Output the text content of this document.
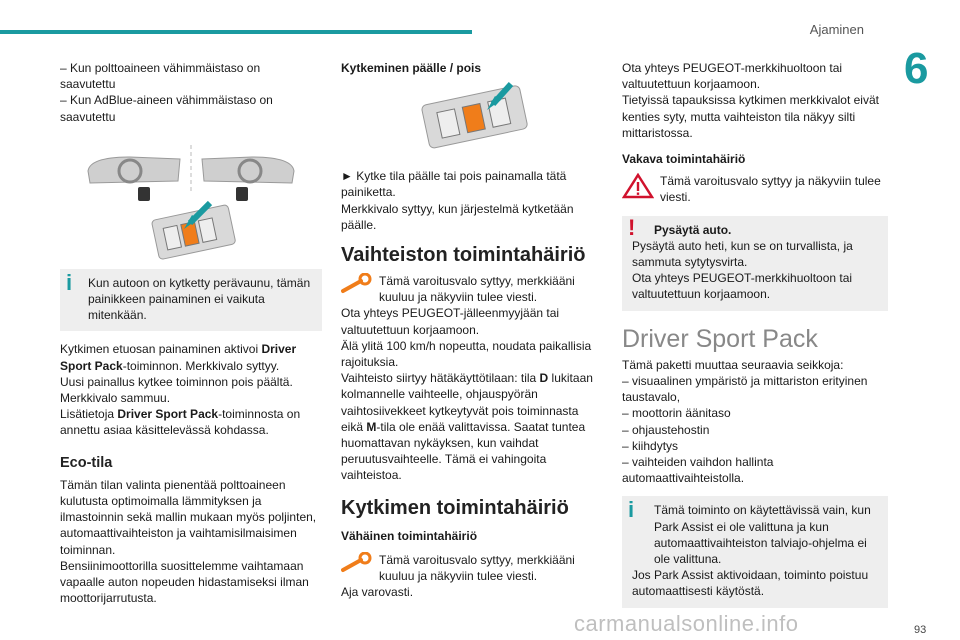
Ajaminen
6

– Kun polttoaineen vähimmäistaso on

saavutettu

– Kun AdBlue-aineen vähimmäistaso on

saavutettu

i Kun autoon on kytketty perävaunu, tämän painikkeen painaminen ei vaikuta mitenkään.

Kytkimen etuosan painaminen aktivoi Driver Sport Pack-toiminnon. Merkkivalo syttyy.

Uusi painallus kytkee toiminnon pois päältä. Merkkivalo sammuu.

Lisätietoja Driver Sport Pack-toiminnosta on annettu asiaa käsittelevässä kohdassa.

Eco-tila

Tämän tilan valinta pienentää polttoaineen kulutusta optimoimalla lämmityksen ja ilmastoinnin sekä mallin mukaan myös poljinten, automaattivaihteiston ja vaihtamisilmaisimen toiminnan.

Bensiinimoottorilla suosittelemme vaihtamaan vapaalle auton nopeuden hidastamiseksi ilman moottorijarrutusta.

Kytkeminen päälle / pois

► Kytke tila päälle tai pois painamalla tätä painiketta.

Merkkivalo syttyy, kun järjestelmä kytketään päälle.

Vaihteiston toimintahäiriö

Tämä varoitusvalo syttyy, merkkiääni kuuluu ja näkyviin tulee viesti.

Ota yhteys PEUGEOT-jälleenmyyjään tai valtuutettuun korjaamoon.

Älä ylitä 100 km/h nopeutta, noudata paikallisia rajoituksia.

Vaihteisto siirtyy hätäkäyttötilaan: tila D lukitaan kolmannelle vaihteelle, ohjauspyörän vaihtosiivekkeet kytkeytyvät pois toiminnasta eikä M-tila ole enää valittavissa. Saatat tuntea huomattavan nykäyksen, kun vaihdat peruutusvaihteelle. Tämä ei vahingoita vaihteistoa.

Kytkimen toimintahäiriö

Vähäinen toimintahäiriö

Tämä varoitusvalo syttyy, merkkiääni kuuluu ja näkyviin tulee viesti.

Aja varovasti.

Ota yhteys PEUGEOT-merkkihuoltoon tai valtuutettuun korjaamoon.

Tietyissä tapauksissa kytkimen merkkivalot eivät kenties syty, mutta vaihteiston tila näkyy silti mittaristossa.

Vakava toimintahäiriö

Tämä varoitusvalo syttyy ja näkyviin tulee viesti.

!	Pysäytä auto.

Pysäytä auto heti, kun se on turvallista, ja sammuta sytytysvirta.

Ota yhteys PEUGEOT-merkkihuoltoon tai valtuutettuun korjaamoon.

Driver Sport Pack

Tämä paketti muuttaa seuraavia seikkoja:

– visuaalinen ympäristö ja mittariston erityinen taustavalo,

– moottorin äänitaso

– ohjaustehostin

– kiihdytys

– vaihteiden vaihdon hallinta automaattivaihteistolla.

i	Tämä toiminto on käytettävissä vain, kun Park Assist ei ole valittuna ja kun automaattivaihteiston talviajo-ohjelma ei ole valittuna.

Jos Park Assist aktivoidaan, toiminto poistuu automaattisesti käytöstä.

carmanualsonline.info	93
